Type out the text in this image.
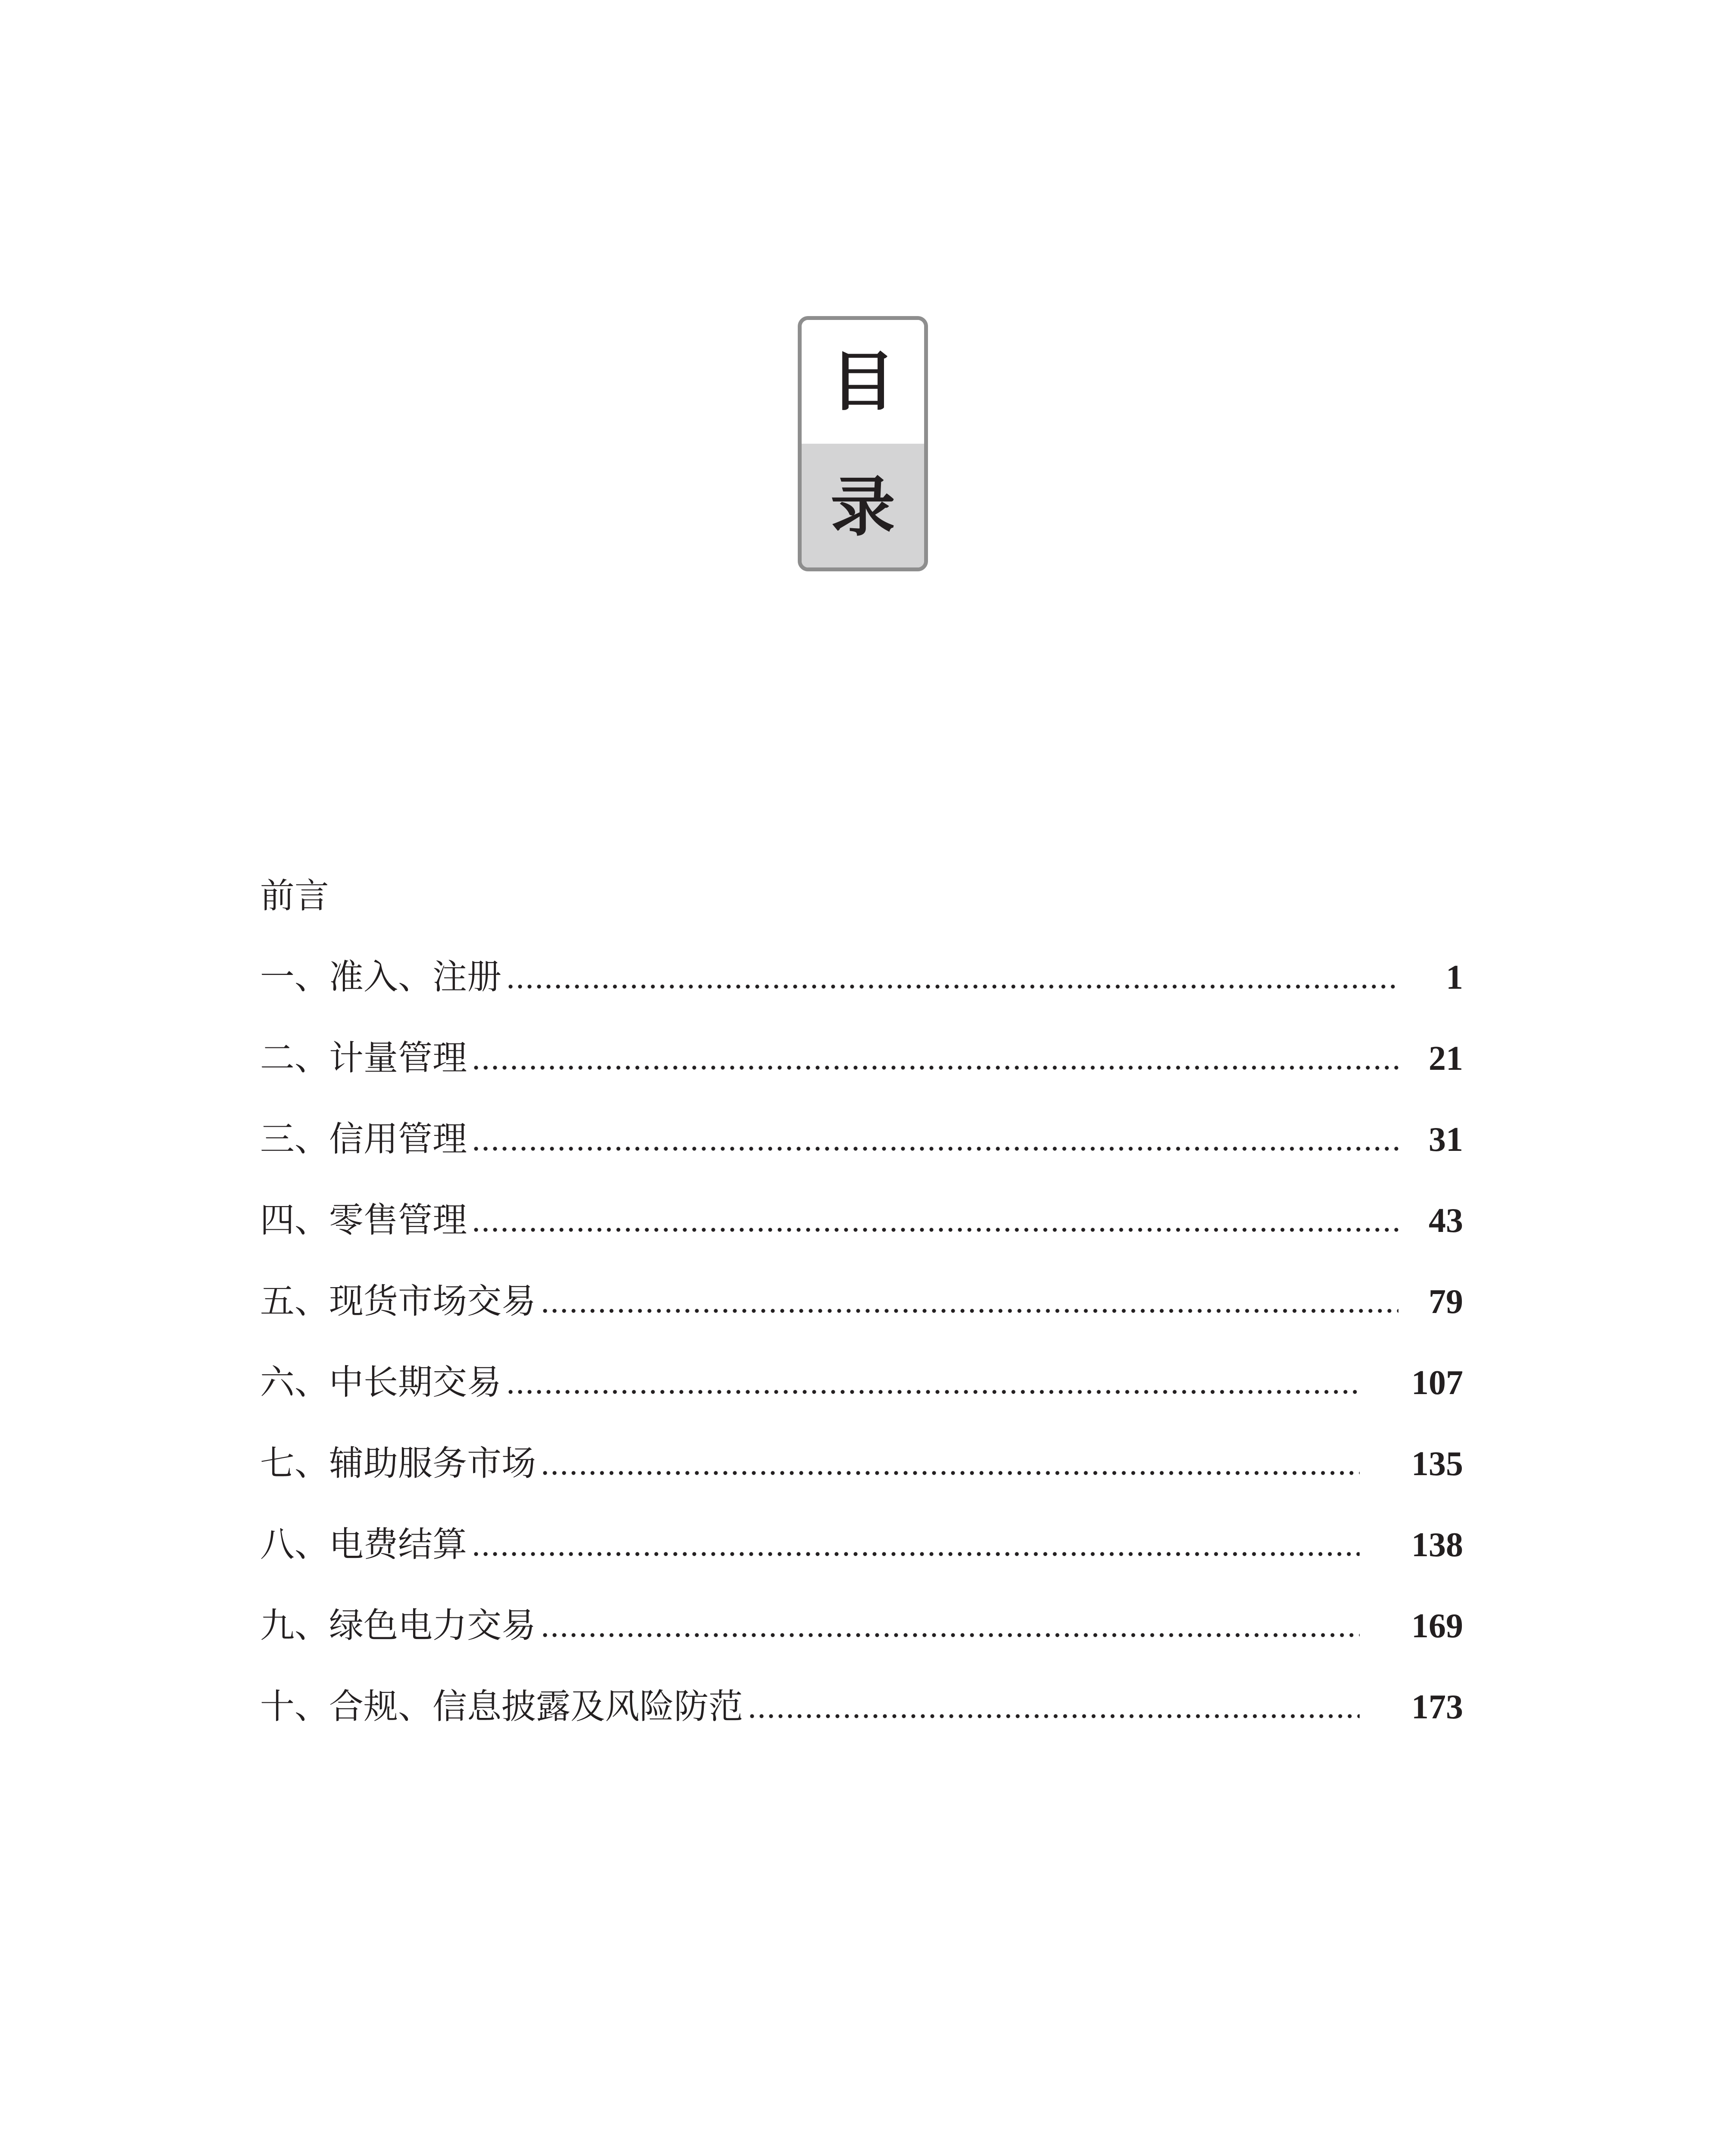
目
录
前言
一、准入、注册	1
二、计量管理	21
三、信用管理	31
四、零售管理	43
五、现货市场交易	79
六、中长期交易	107
七、辅助服务市场	135
八、电费结算	138
九、绿色电力交易	169
十、合规、信息披露及风险防范	173
